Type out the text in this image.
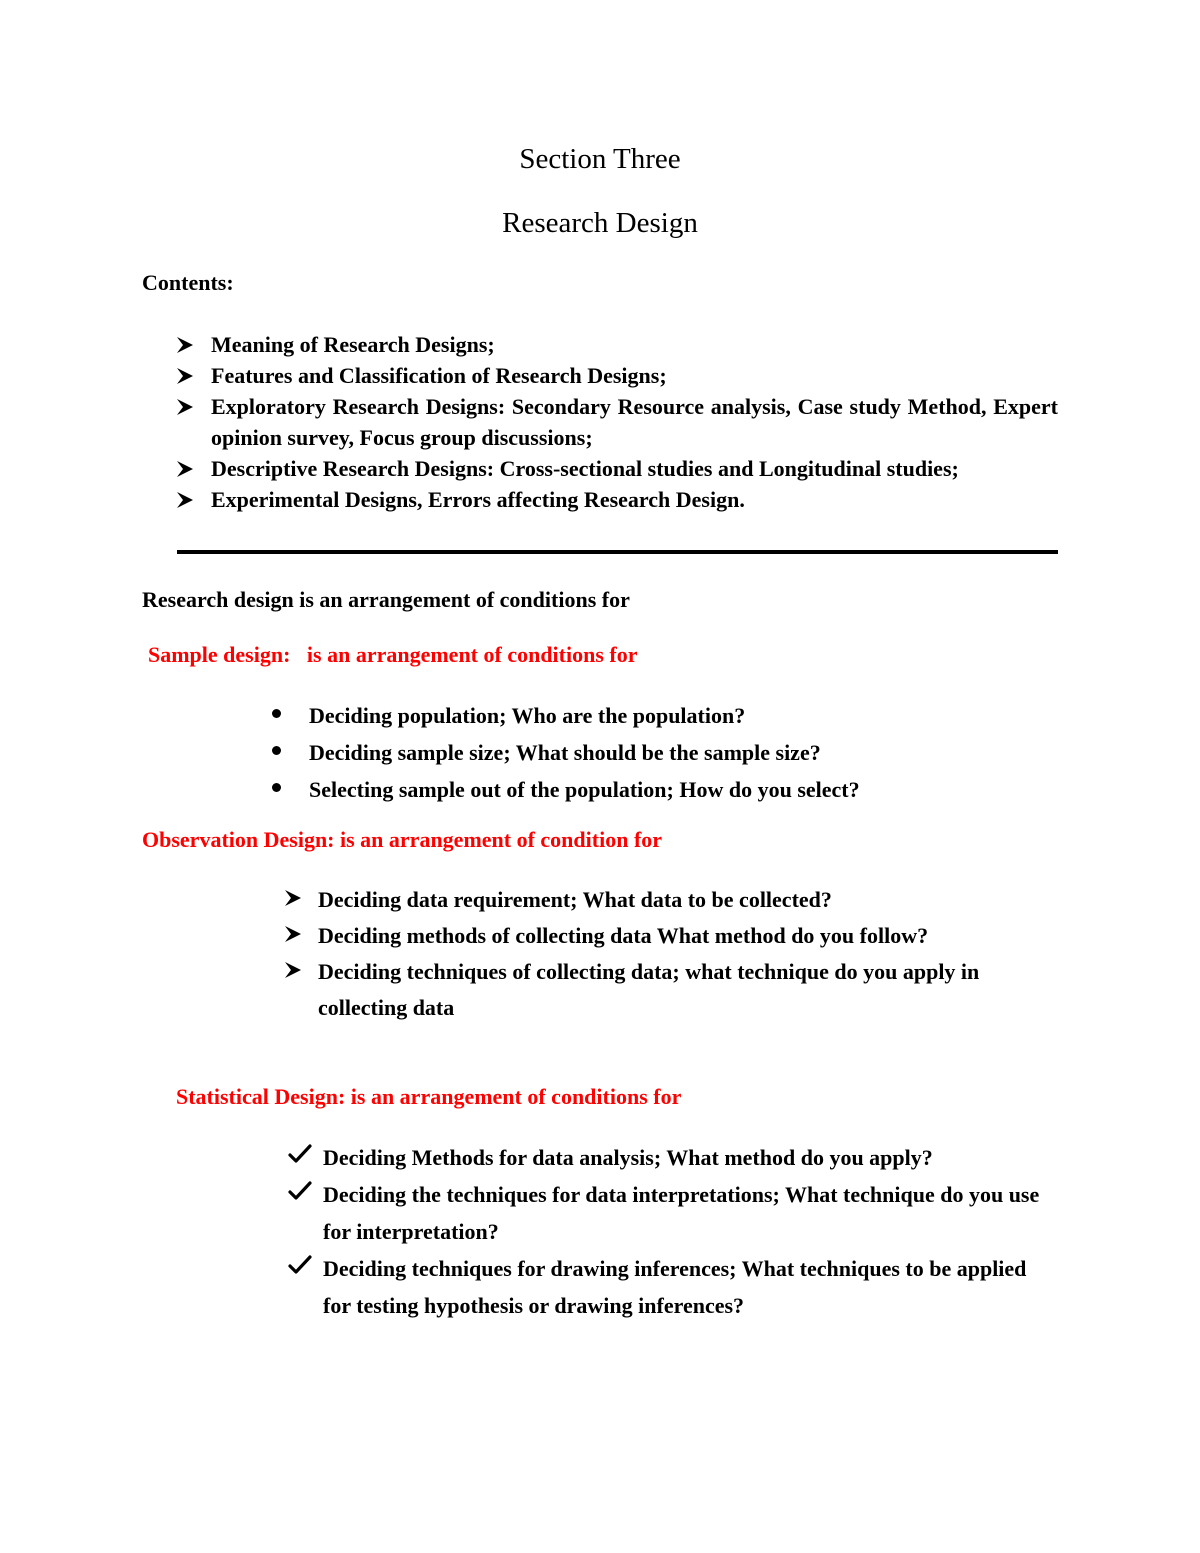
Section Three
Research Design

Contents:

Meaning of Research Designs;
Features and Classification of Research Designs;
Exploratory Research Designs: Secondary Resource analysis, Case study Method, Expert opinion survey, Focus group discussions;
Descriptive Research Designs: Cross-sectional studies and Longitudinal studies;
Experimental Designs, Errors affecting Research Design.

Research design is an arrangement of conditions for

Sample design:   is an arrangement of conditions for

Deciding population; Who are the population?
Deciding sample size; What should be the sample size?
Selecting sample out of the population; How do you select?

Observation Design: is an arrangement of condition for

Deciding data requirement; What data to be collected?
Deciding methods of collecting data What method do you follow?
Deciding techniques of collecting data; what technique do you apply in collecting data

Statistical Design: is an arrangement of conditions for

Deciding Methods for data analysis; What method do you apply?
Deciding the techniques for data interpretations; What technique do you use for interpretation?
Deciding techniques for drawing inferences; What techniques to be applied for testing hypothesis or drawing inferences?
